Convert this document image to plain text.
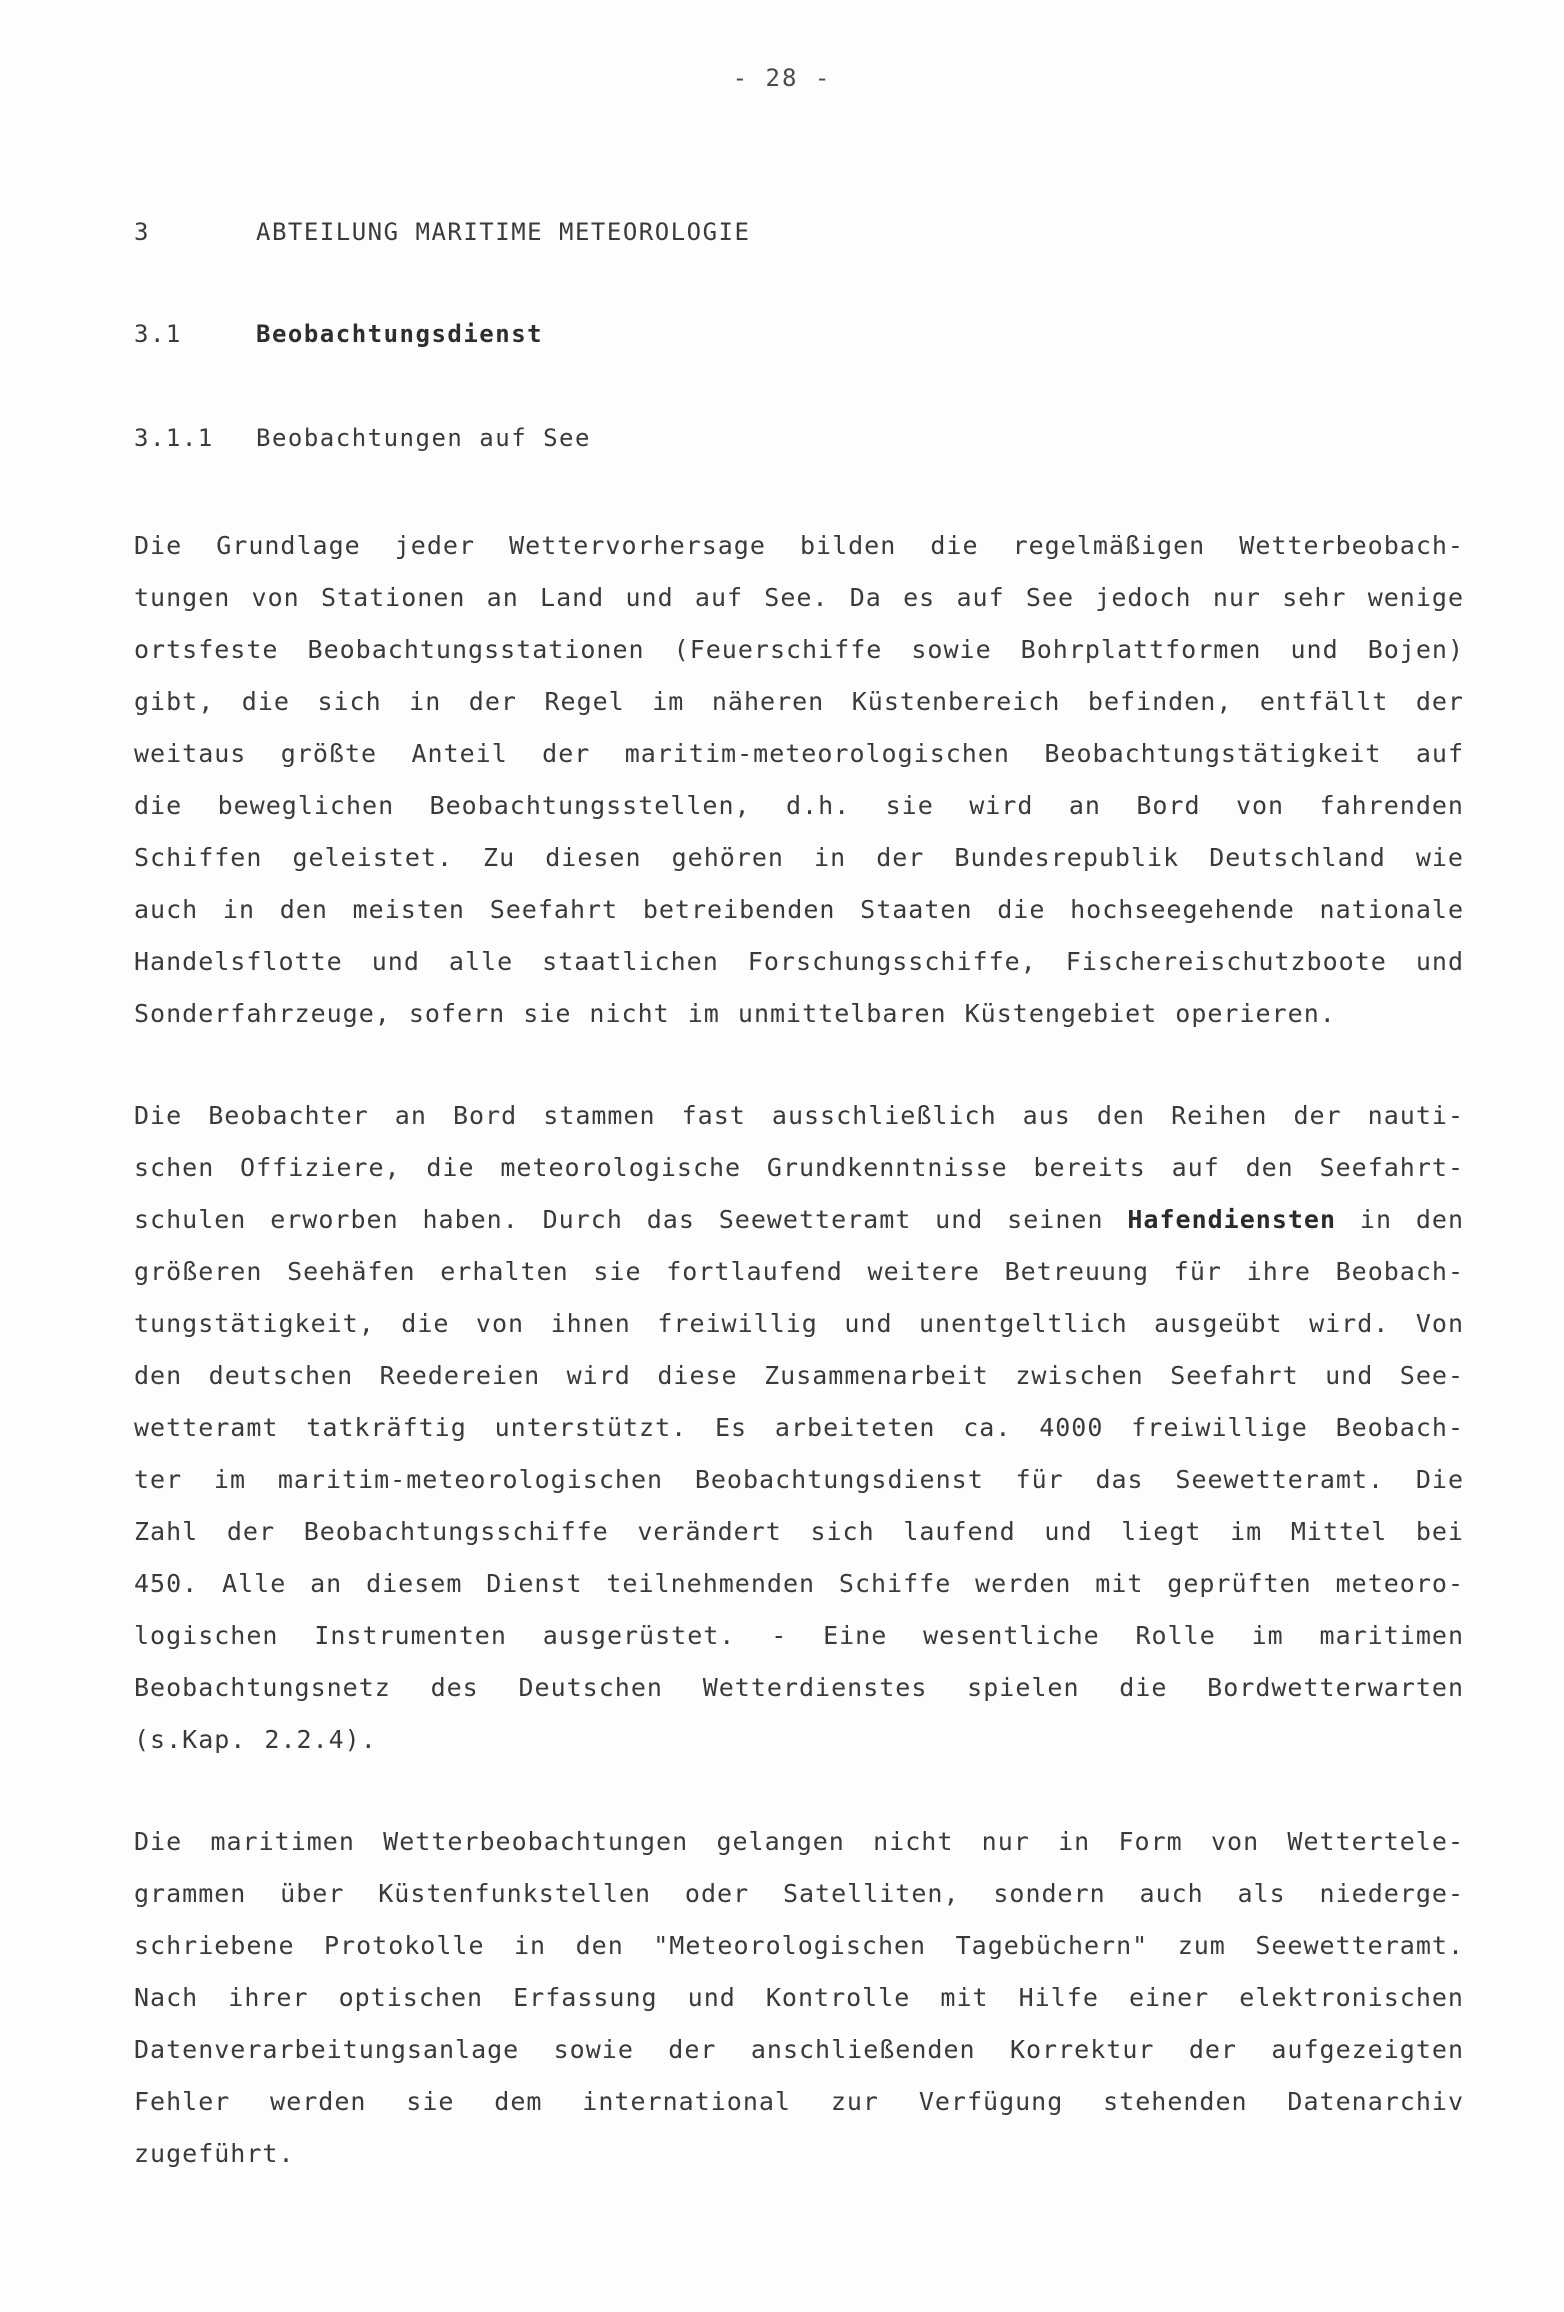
- 28 -
3	ABTEILUNG MARITIME METEOROLOGIE
3.1	Beobachtungsdienst
3.1.1 Beobachtungen auf See
Die Grundlage jeder Wettervorhersage bilden die regelmäßigen Wetterbeobach-
tungen von Stationen an Land und auf See. Da es auf See jedoch nur sehr wenige
ortsfeste Beobachtungsstationen (Feuerschiffe sowie Bohrplattformen und Bojen)
gibt, die sich in der Regel im näheren Küstenbereich befinden, entfällt der
weitaus größte Anteil der maritim-meteorologischen Beobachtungstätigkeit auf
die beweglichen Beobachtungsstellen, d.h. sie wird an Bord von fahrenden
Schiffen geleistet. Zu diesen gehören in der Bundesrepublik Deutschland wie
auch in den meisten Seefahrt betreibenden Staaten die hochseegehende nationale
Handelsflotte und alle staatlichen Forschungsschiffe, Fischereischutzboote und
Sonderfahrzeuge, sofern sie nicht im unmittelbaren Küstengebiet operieren.
Die Beobachter an Bord stammen fast ausschließlich aus den Reihen der nauti-
schen Offiziere, die meteorologische Grundkenntnisse bereits auf den Seefahrt-
schulen erworben haben. Durch das Seewetteramt und seinen Hafendiensten in den
größeren Seehäfen erhalten sie fortlaufend weitere Betreuung für ihre Beobach-
tungstätigkeit, die von ihnen freiwillig und unentgeltlich ausgeübt wird. Von
den deutschen Reedereien wird diese Zusammenarbeit zwischen Seefahrt und See-
wetteramt tatkräftig unterstützt. Es arbeiteten ca. 4000 freiwillige Beobach-
ter im maritim-meteorologischen Beobachtungsdienst für das Seewetteramt. Die
Zahl der Beobachtungsschiffe verändert sich laufend und liegt im Mittel bei
450. Alle an diesem Dienst teilnehmenden Schiffe werden mit geprüften meteoro-
logischen Instrumenten ausgerüstet. - Eine wesentliche Rolle im maritimen
Beobachtungsnetz des Deutschen Wetterdienstes spielen die Bordwetterwarten
(s.Kap. 2.2.4).
Die maritimen Wetterbeobachtungen gelangen nicht nur in Form von Wettertele-
grammen über Küstenfunkstellen oder Satelliten, sondern auch als niederge-
schriebene Protokolle in den "Meteorologischen Tagebüchern" zum Seewetteramt.
Nach ihrer optischen Erfassung und Kontrolle mit Hilfe einer elektronischen
Datenverarbeitungsanlage sowie der anschließenden Korrektur der aufgezeigten
Fehler werden sie dem international zur Verfügung stehenden Datenarchiv
zugeführt.
